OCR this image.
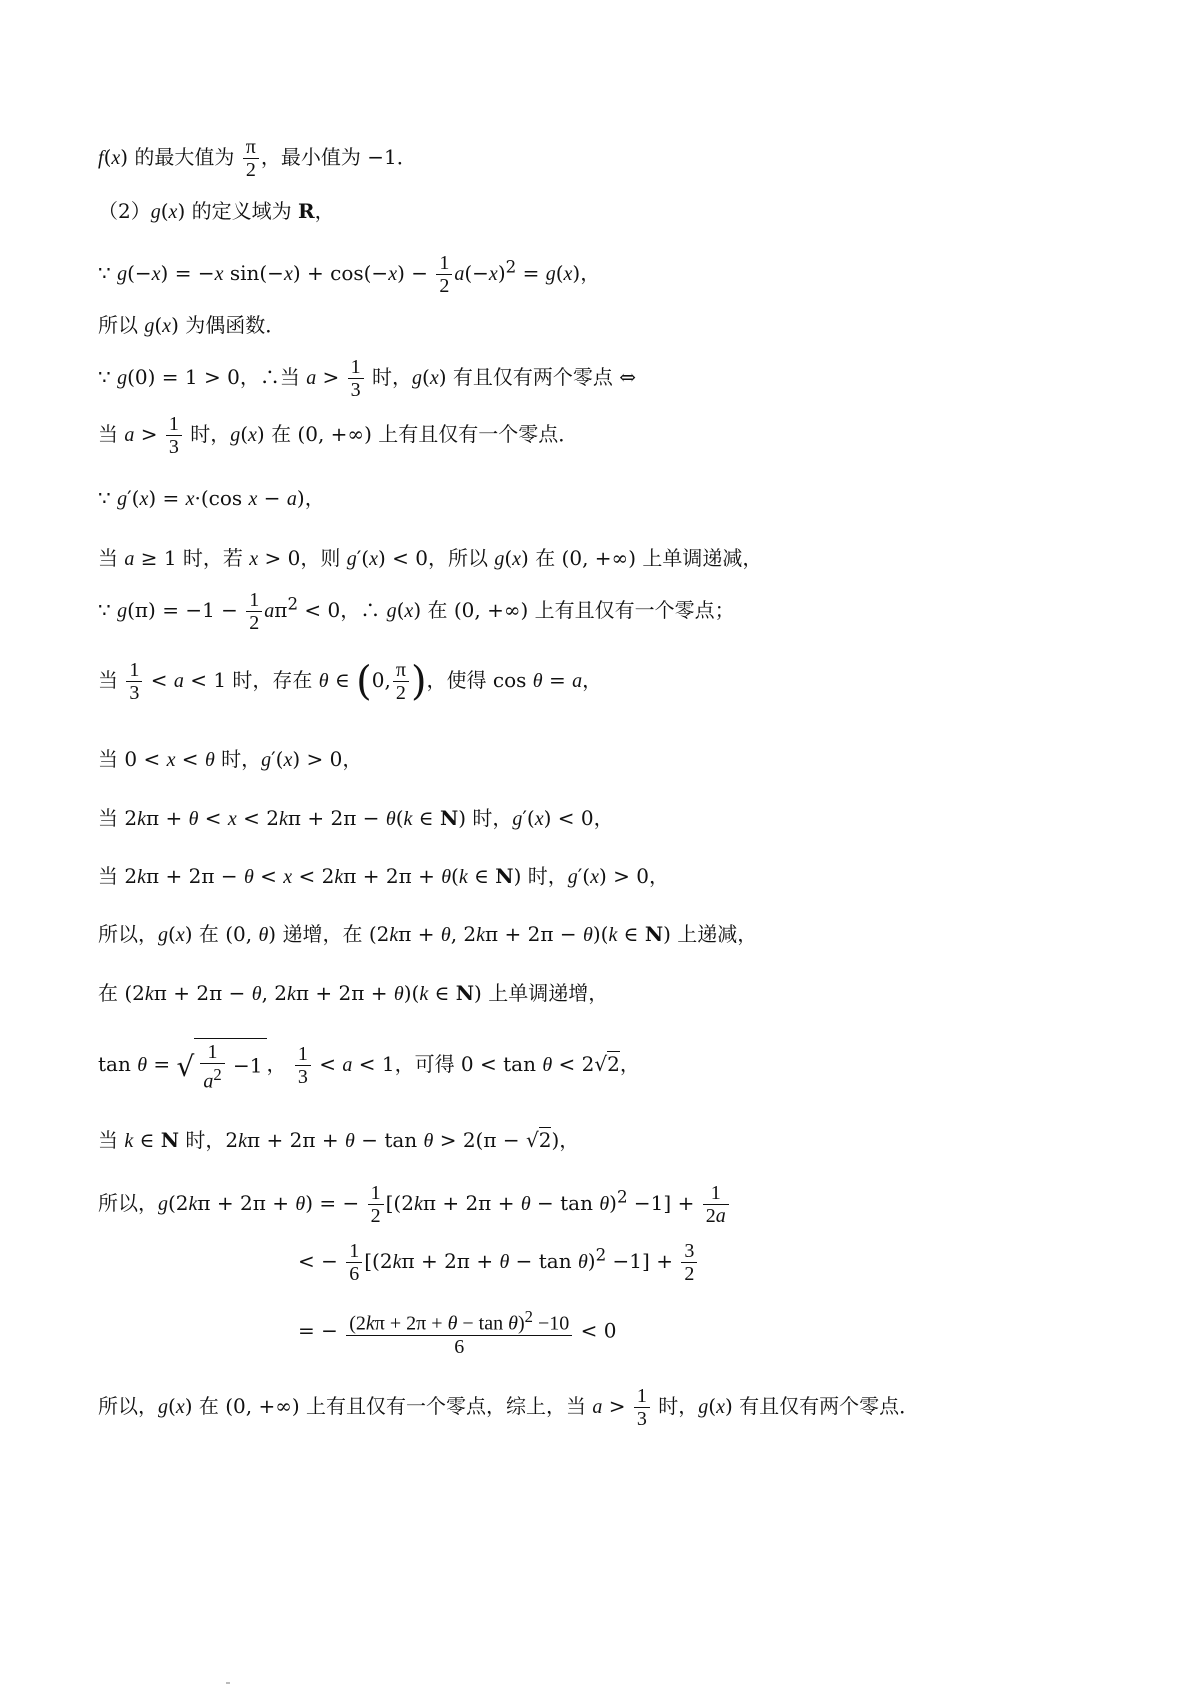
f(x) 的最大值为 $\frac{\pi}{2}$ ，最小值为 −1．
（2）g(x) 的定义域为 R，
∵ g(−x) = −x $\sin(-x) + \cos(-x) - \frac{1}{2} a(-x)^2 = g(x)$，
所以 g(x) 为偶函数．
∵ g(0) = 1 > 0，∴当 $a > \frac{1}{3}$ 时，g(x) 有且仅有两个零点 ⇔
当 $a > \frac{1}{3}$ 时，g(x) 在 (0, +∞) 上有且仅有一个零点．
∵ g′(x) = x·(cos x − a)，
当 a ≥ 1 时，若 x > 0，则 g′(x) < 0，所以 g(x) 在 (0, +∞) 上单调递减，
∵ $g(\pi) = -1 - \frac{1}{2} a\pi^2 < 0$，∴ g(x) 在 (0, +∞) 上有且仅有一个零点；
当 $\frac{1}{3} < a < 1$ 时，存在 θ ∈ (0, $\frac{\pi}{2}$ )，使得 cos θ = a，
当 0 < x < θ 时，g′(x) > 0，
当 2kπ + θ < x < 2kπ + 2π − θ(k ∈ N) 时，g′(x) < 0，
当 2kπ + 2π − θ < x < 2kπ + 2π + θ(k ∈ N) 时，g′(x) > 0，
所以，g(x) 在 (0, θ) 递增，在 (2kπ + θ, 2kπ + 2π − θ)(k ∈ N) 上递减，
在 (2kπ + 2π − θ, 2kπ + 2π + θ)(k ∈ N) 上单调递增，
tan θ = √ $\frac{1}{a^2} -1$ ， $\frac{1}{3} < a < 1$，可得 0 < tan θ < 2√2，
当 k ∈ N 时，2kπ + 2π + θ − tan θ > 2(π − √2)，
所以，g(2kπ + 2π + θ) = − $\frac{1}{2} [(2k\pi + 2\pi + \theta - \tan \theta)^2 -1] + \frac{1}{2a}$
< − $\frac{1}{6} [(2k\pi + 2\pi + \theta - \tan \theta)^2 -1] + \frac{3}{2}$
= − $\frac{(2k\pi + 2\pi + \theta - \tan \theta)^2 -10}{6} < 0$
所以，g(x) 在 (0, +∞) 上有且仅有一个零点，综上，当 $a > \frac{1}{3}$ 时，g(x) 有且仅有两个零点．
